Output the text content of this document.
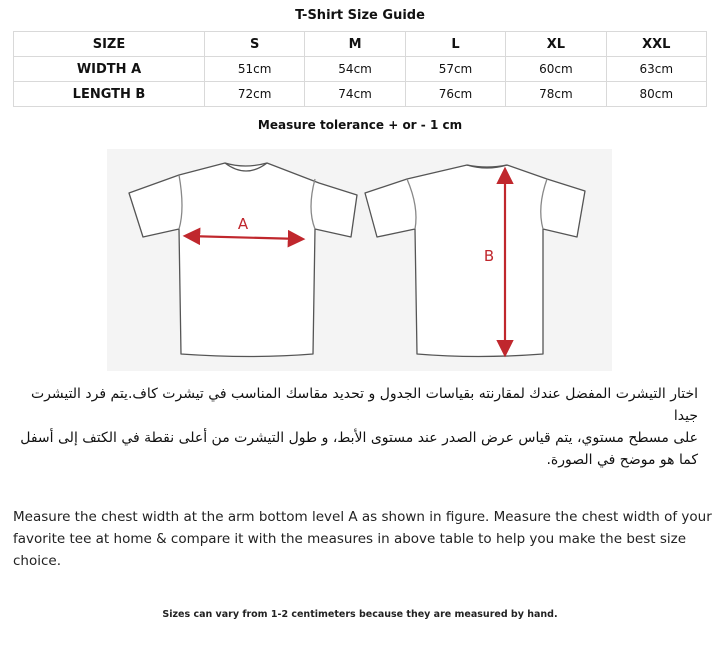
T-Shirt Size Guide
SIZE	S	M	L	XL	XXL
WIDTH A	51cm	54cm	57cm	60cm	63cm
LENGTH B	72cm	74cm	76cm	78cm	80cm
Measure tolerance + or - 1 cm
A
B

اختار التيشرت المفضل عندك لمقارنته بقياسات الجدول و تحديد مقاسك المناسب في تيشرت كاف.يتم فرد التيشرت جيدا

على مسطح مستوي، يتم قياس عرض الصدر عند مستوى الأبط، و طول التيشرت من أعلى نقطة في الكتف إلى أسفل

كما هو موضح في الصورة.

Measure the chest width at the arm bottom level A as shown in figure. Measure the chest width of your

favorite tee at home & compare it with the measures in above table to help you make the best size choice.

Sizes can vary from 1-2 centimeters because they are measured by hand.
